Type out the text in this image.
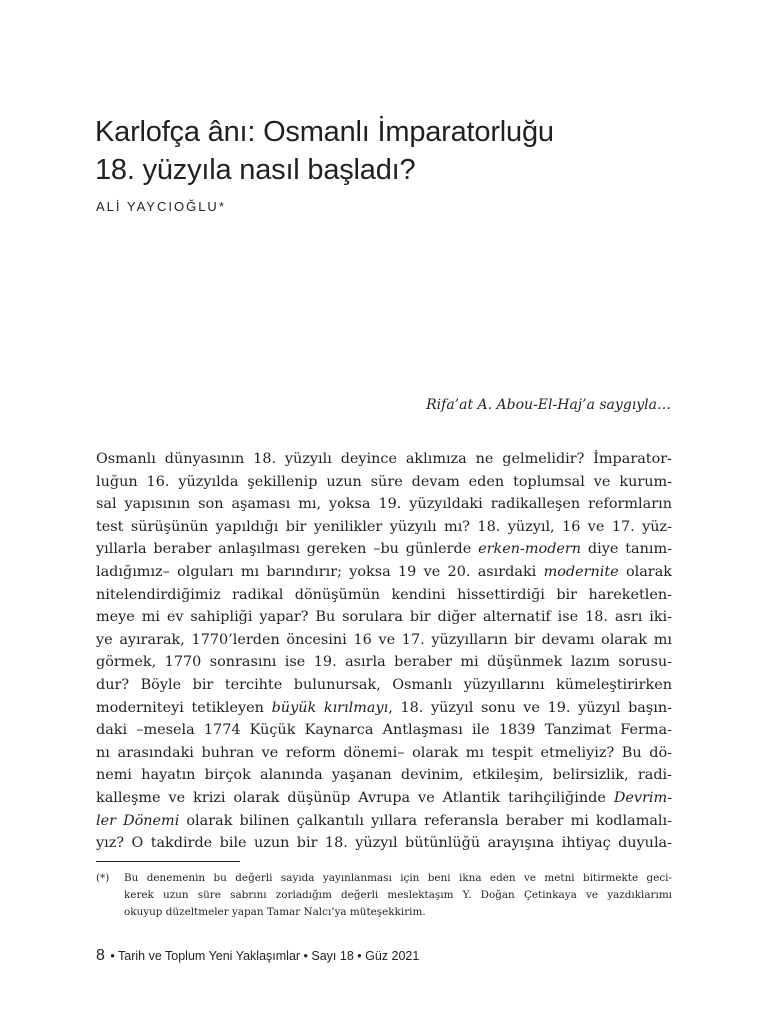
Karlofça ânı: Osmanlı İmparatorluğu
18. yüzyıla nasıl başladı?
ALİ YAYCIOĞLU*
Rifa’at A. Abou-El-Haj’a saygıyla…
Osmanlı dünyasının 18. yüzyılı deyince aklımıza ne gelmelidir? İmparator-
luğun 16. yüzyılda şekillenip uzun süre devam eden toplumsal ve kurum-
sal yapısının son aşaması mı, yoksa 19. yüzyıldaki radikalleşen reformların
test sürüşünün yapıldığı bir yenilikler yüzyılı mı? 18. yüzyıl, 16 ve 17. yüz-
yıllarla beraber anlaşılması gereken –bu günlerde erken-modern diye tanım-
ladığımız– olguları mı barındırır; yoksa 19 ve 20. asırdaki modernite olarak
nitelendirdiğimiz radikal dönüşümün kendini hissettirdiği bir hareketlen-
meye mi ev sahipliği yapar? Bu sorulara bir diğer alternatif ise 18. asrı iki-
ye ayırarak, 1770’lerden öncesini 16 ve 17. yüzyılların bir devamı olarak mı
görmek, 1770 sonrasını ise 19. asırla beraber mi düşünmek lazım sorusu-
dur? Böyle bir tercihte bulunursak, Osmanlı yüzyıllarını kümeleştirirken
moderniteyi tetikleyen büyük kırılmayı, 18. yüzyıl sonu ve 19. yüzyıl başın-
daki –mesela 1774 Küçük Kaynarca Antlaşması ile 1839 Tanzimat Ferma-
nı arasındaki buhran ve reform dönemi– olarak mı tespit etmeliyiz? Bu dö-
nemi hayatın birçok alanında yaşanan devinim, etkileşim, belirsizlik, radi-
kalleşme ve krizi olarak düşünüp Avrupa ve Atlantik tarihçiliğinde Devrim-
ler Dönemi olarak bilinen çalkantılı yıllara referansla beraber mi kodlamalı-
yız? O takdirde bile uzun bir 18. yüzyıl bütünlüğü arayışına ihtiyaç duyula-
(*) Bu denemenin bu değerli sayıda yayınlanması için beni ikna eden ve metni bitirmekte geci-
kerek uzun süre sabrını zorladığım değerli meslektaşım Y. Doğan Çetinkaya ve yazdıklarımı
okuyup düzeltmeler yapan Tamar Nalcı’ya müteşekkirim.
8 • Tarih ve Toplum Yeni Yaklaşımlar • Sayı 18 • Güz 2021
